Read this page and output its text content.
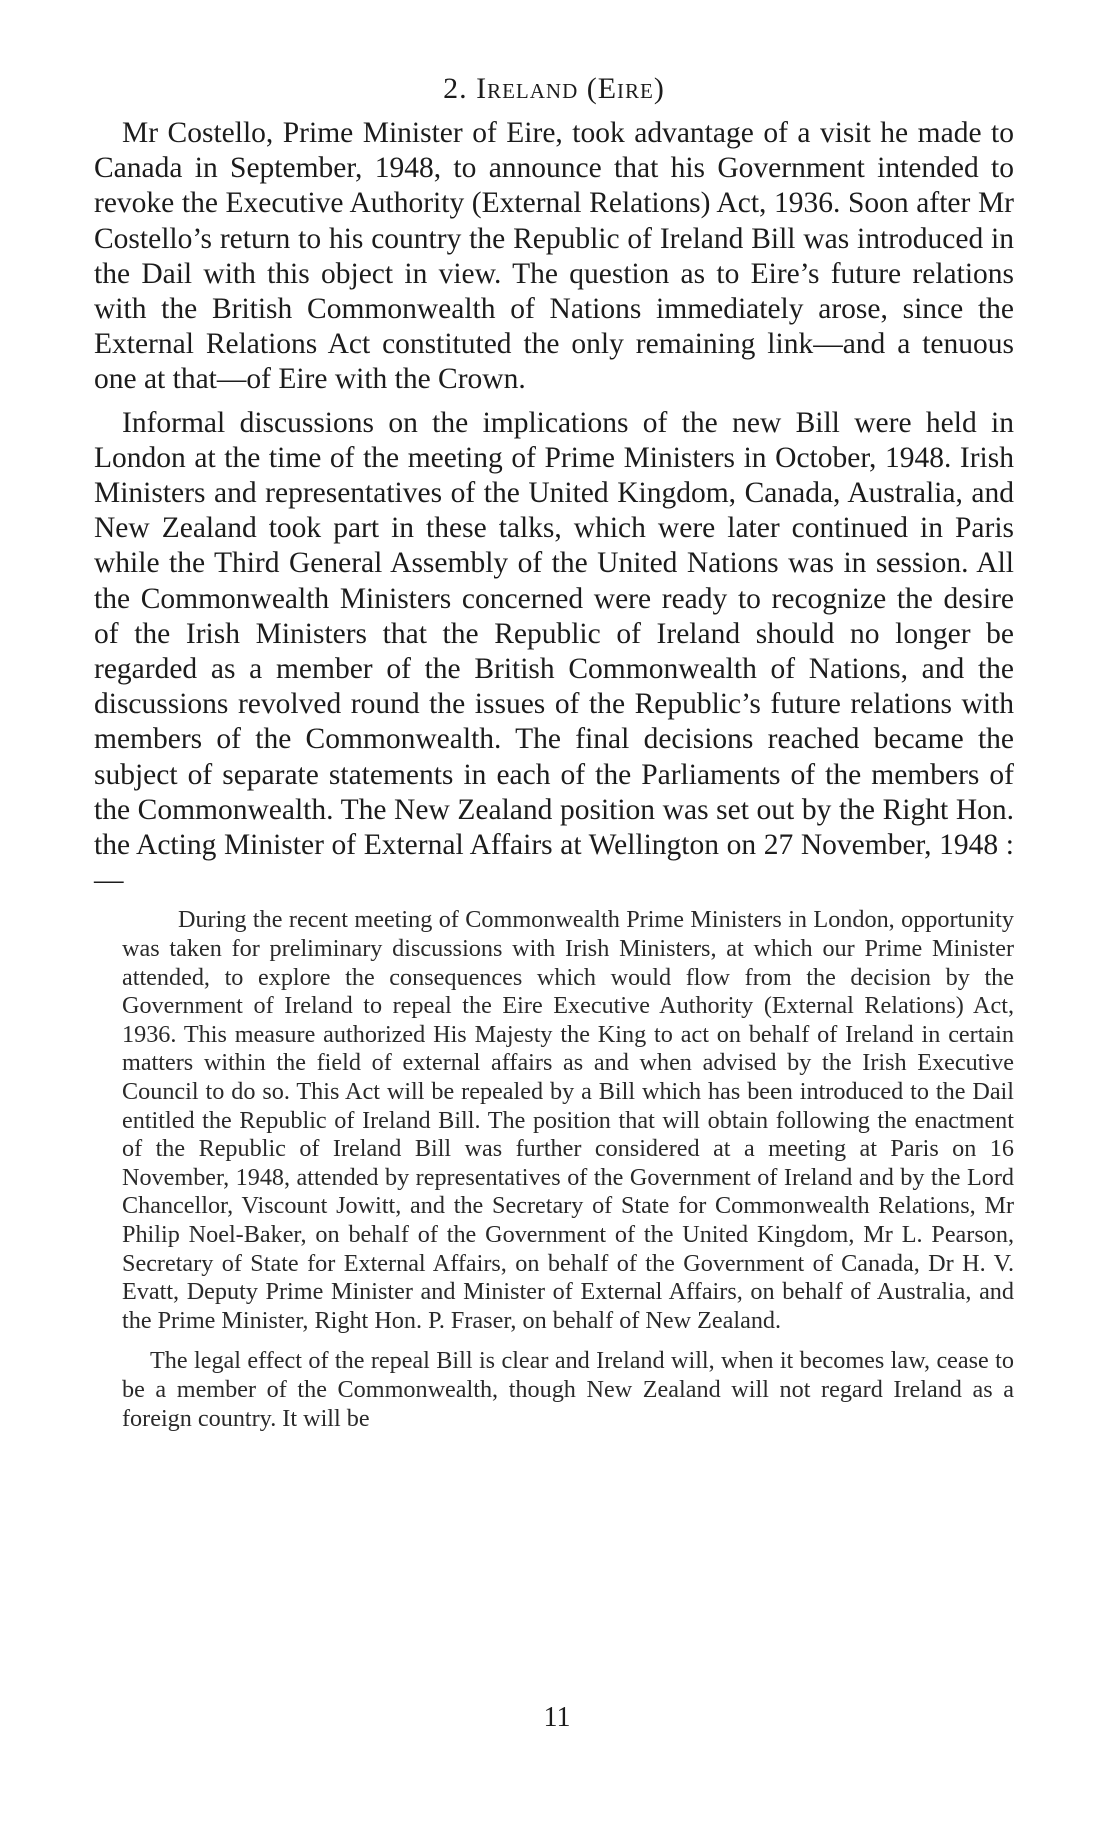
2. Ireland (Eire)

Mr Costello, Prime Minister of Eire, took advantage of a visit he made to Canada in September, 1948, to announce that his Government intended to revoke the Executive Authority (External Relations) Act, 1936. Soon after Mr Costello’s return to his country the Republic of Ireland Bill was introduced in the Dail with this object in view. The question as to Eire’s future relations with the British Commonwealth of Nations immediately arose, since the External Relations Act constituted the only remaining link—and a tenuous one at that—of Eire with the Crown.

Informal discussions on the implications of the new Bill were held in London at the time of the meeting of Prime Ministers in October, 1948. Irish Ministers and representatives of the United Kingdom, Canada, Australia, and New Zealand took part in these talks, which were later continued in Paris while the Third General Assembly of the United Nations was in session. All the Commonwealth Ministers concerned were ready to recognize the desire of the Irish Ministers that the Republic of Ireland should no longer be regarded as a member of the British Commonwealth of Nations, and the discussions revolved round the issues of the Republic’s future relations with members of the Commonwealth. The final decisions reached became the subject of separate statements in each of the Parliaments of the members of the Commonwealth. The New Zealand position was set out by the Right Hon. the Acting Minister of External Affairs at Wellington on 27 November, 1948 :—

During the recent meeting of Commonwealth Prime Ministers in London, opportunity was taken for preliminary discussions with Irish Ministers, at which our Prime Minister attended, to explore the consequences which would flow from the decision by the Government of Ireland to repeal the Eire Executive Authority (External Relations) Act, 1936. This measure authorized His Majesty the King to act on behalf of Ireland in certain matters within the field of external affairs as and when advised by the Irish Executive Council to do so. This Act will be repealed by a Bill which has been introduced to the Dail entitled the Republic of Ireland Bill. The position that will obtain following the enactment of the Republic of Ireland Bill was further considered at a meeting at Paris on 16 November, 1948, attended by representatives of the Government of Ireland and by the Lord Chancellor, Viscount Jowitt, and the Secretary of State for Commonwealth Relations, Mr Philip Noel-Baker, on behalf of the Government of the United Kingdom, Mr L. Pearson, Secretary of State for External Affairs, on behalf of the Government of Canada, Dr H. V. Evatt, Deputy Prime Minister and Minister of External Affairs, on behalf of Australia, and the Prime Minister, Right Hon. P. Fraser, on behalf of New Zealand.

The legal effect of the repeal Bill is clear and Ireland will, when it becomes law, cease to be a member of the Commonwealth, though New Zealand will not regard Ireland as a foreign country. It will be

11
